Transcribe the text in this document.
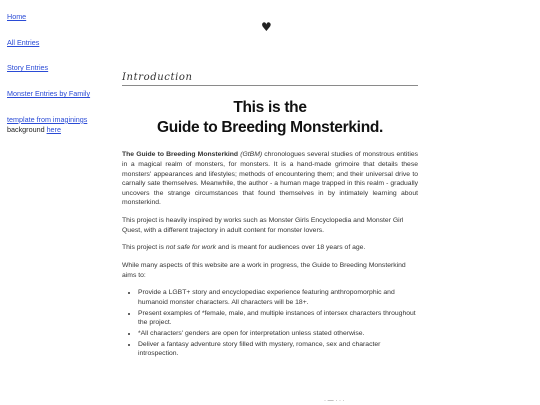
Home
All Entries
Story Entries
Monster Entries by Family
template from imaginings
background here
♥
Introduction
This is the
Guide to Breeding Monsterkind.

The Guide to Breeding Monsterkind (GtBM) chronologues several studies of monstrous entities in a magical realm of monsters, for monsters. It is a hand-made grimoire that details these monsters' appearances and lifestyles; methods of encountering them; and their universal drive to carnally sate themselves. Meanwhile, the author - a human mage trapped in this realm - gradually uncovers the strange circumstances that found themselves in by intimately learning about monsterkind.

This project is heavily inspired by works such as Monster Girls Encyclopedia and Monster Girl Quest, with a different trajectory in adult content for monster lovers.

This project is not safe for work and is meant for audiences over 18 years of age.

While many aspects of this website are a work in progress, the Guide to Breeding Monsterkind aims to:

• Provide a LGBT+ story and encyclopediac experience featuring anthropomorphic and humanoid monster characters. All characters will be 18+.
• Present examples of *female, male, and multiple instances of intersex characters throughout the project.
• *All characters' genders are open for interpretation unless stated otherwise.
• Deliver a fantasy adventure story filled with mystery, romance, sex and character introspection.
· — · · ·
